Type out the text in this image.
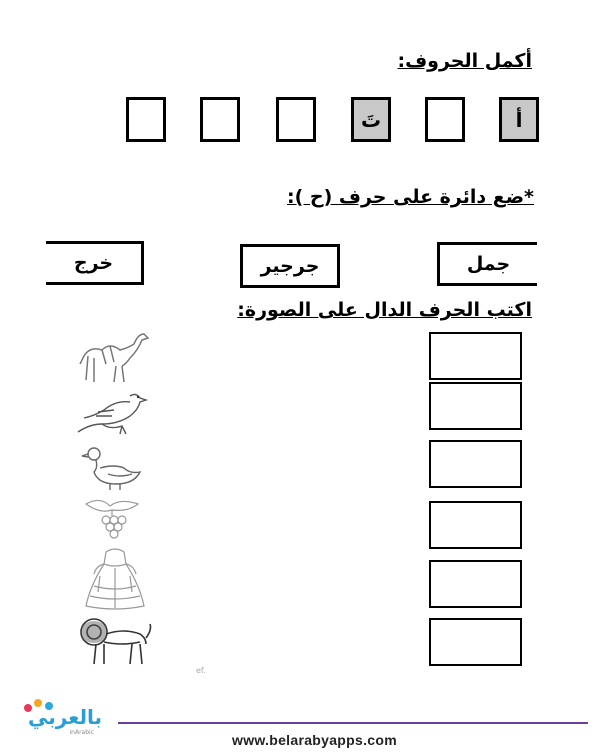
أكمل الحروف:
تَ	أ
*ضع دائرة على حرف (ح ):
جمل
جرجير
خرج
اكتب الحرف الدال على الصورة:
ef.
بالعربي
inArabic	www.belarabyapps.com
